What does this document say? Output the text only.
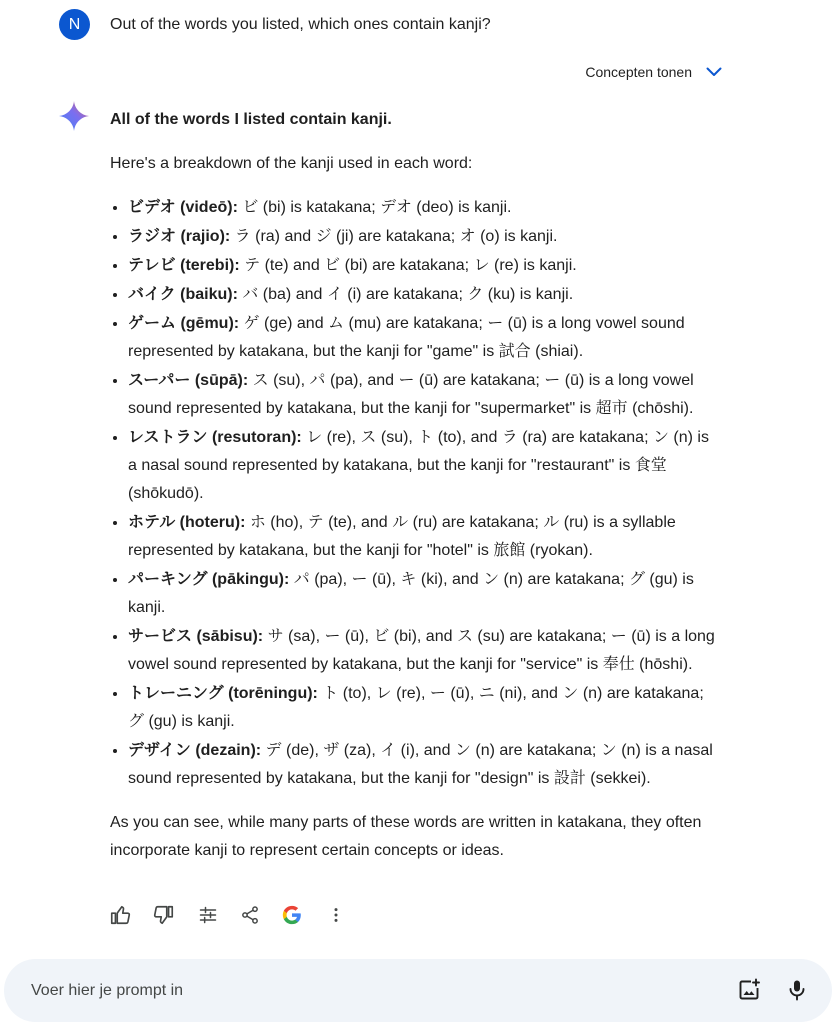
N	Out of the words you listed, which ones contain kanji?
Concepten tonen

All of the words I listed contain kanji.

Here's a breakdown of the kanji used in each word:

• ビデオ (videō): ビ (bi) is katakana; デオ (deo) is kanji.
• ラジオ (rajio): ラ (ra) and ジ (ji) are katakana; オ (o) is kanji.
• テレビ (terebi): テ (te) and ビ (bi) are katakana; レ (re) is kanji.
• バイク (baiku): バ (ba) and イ (i) are katakana; ク (ku) is kanji.
• ゲーム (gēmu): ゲ (ge) and ム (mu) are katakana; ー (ū) is a long vowel sound represented by katakana, but the kanji for "game" is 試合 (shiai).
• スーパー (sūpā): ス (su), パ (pa), and ー (ū) are katakana; ー (ū) is a long vowel sound represented by katakana, but the kanji for "supermarket" is 超市 (chōshi).
• レストラン (resutoran): レ (re), ス (su), ト (to), and ラ (ra) are katakana; ン (n) is a nasal sound represented by katakana, but the kanji for "restaurant" is 食堂 (shōkudō).
• ホテル (hoteru): ホ (ho), テ (te), and ル (ru) are katakana; ル (ru) is a syllable represented by katakana, but the kanji for "hotel" is 旅館 (ryokan).
• パーキング (pākingu): パ (pa), ー (ū), キ (ki), and ン (n) are katakana; グ (gu) is kanji.
• サービス (sābisu): サ (sa), ー (ū), ビ (bi), and ス (su) are katakana; ー (ū) is a long vowel sound represented by katakana, but the kanji for "service" is 奉仕 (hōshi).
• トレーニング (torēningu): ト (to), レ (re), ー (ū), ニ (ni), and ン (n) are katakana; グ (gu) is kanji.
• デザイン (dezain): デ (de), ザ (za), イ (i), and ン (n) are katakana; ン (n) is a nasal sound represented by katakana, but the kanji for "design" is 設計 (sekkei).

As you can see, while many parts of these words are written in katakana, they often incorporate kanji to represent certain concepts or ideas.

Voer hier je prompt in
